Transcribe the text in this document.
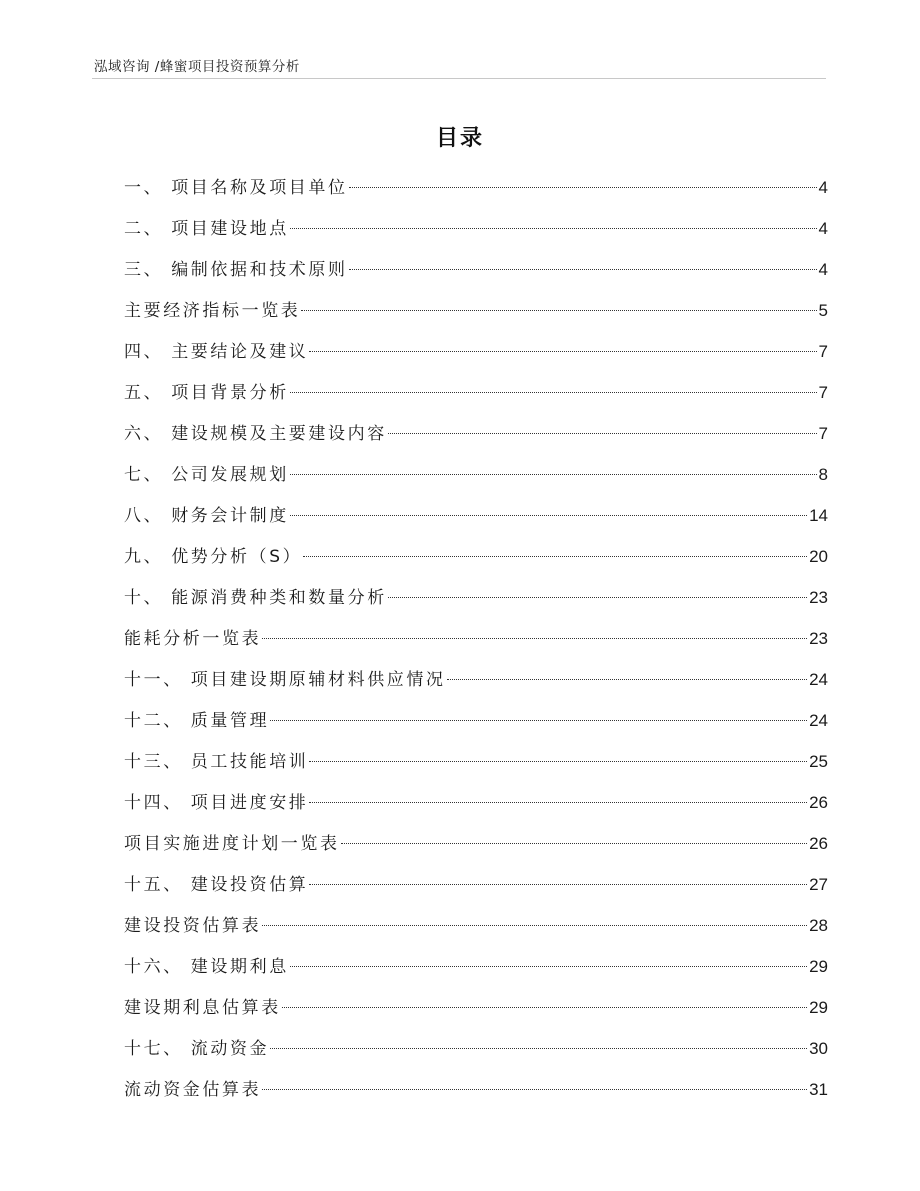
泓域咨询 /蜂蜜项目投资预算分析
目录
一、 项目名称及项目单位	4
二、 项目建设地点	4
三、 编制依据和技术原则	4
主要经济指标一览表	5
四、 主要结论及建议	7
五、 项目背景分析	7
六、 建设规模及主要建设内容	7
七、 公司发展规划	8
八、 财务会计制度	14
九、 优势分析（S）	20
十、 能源消费种类和数量分析	23
能耗分析一览表	23
十一、 项目建设期原辅材料供应情况	24
十二、 质量管理	24
十三、 员工技能培训	25
十四、 项目进度安排	26
项目实施进度计划一览表	26
十五、 建设投资估算	27
建设投资估算表	28
十六、 建设期利息	29
建设期利息估算表	29
十七、 流动资金	30
流动资金估算表	31
